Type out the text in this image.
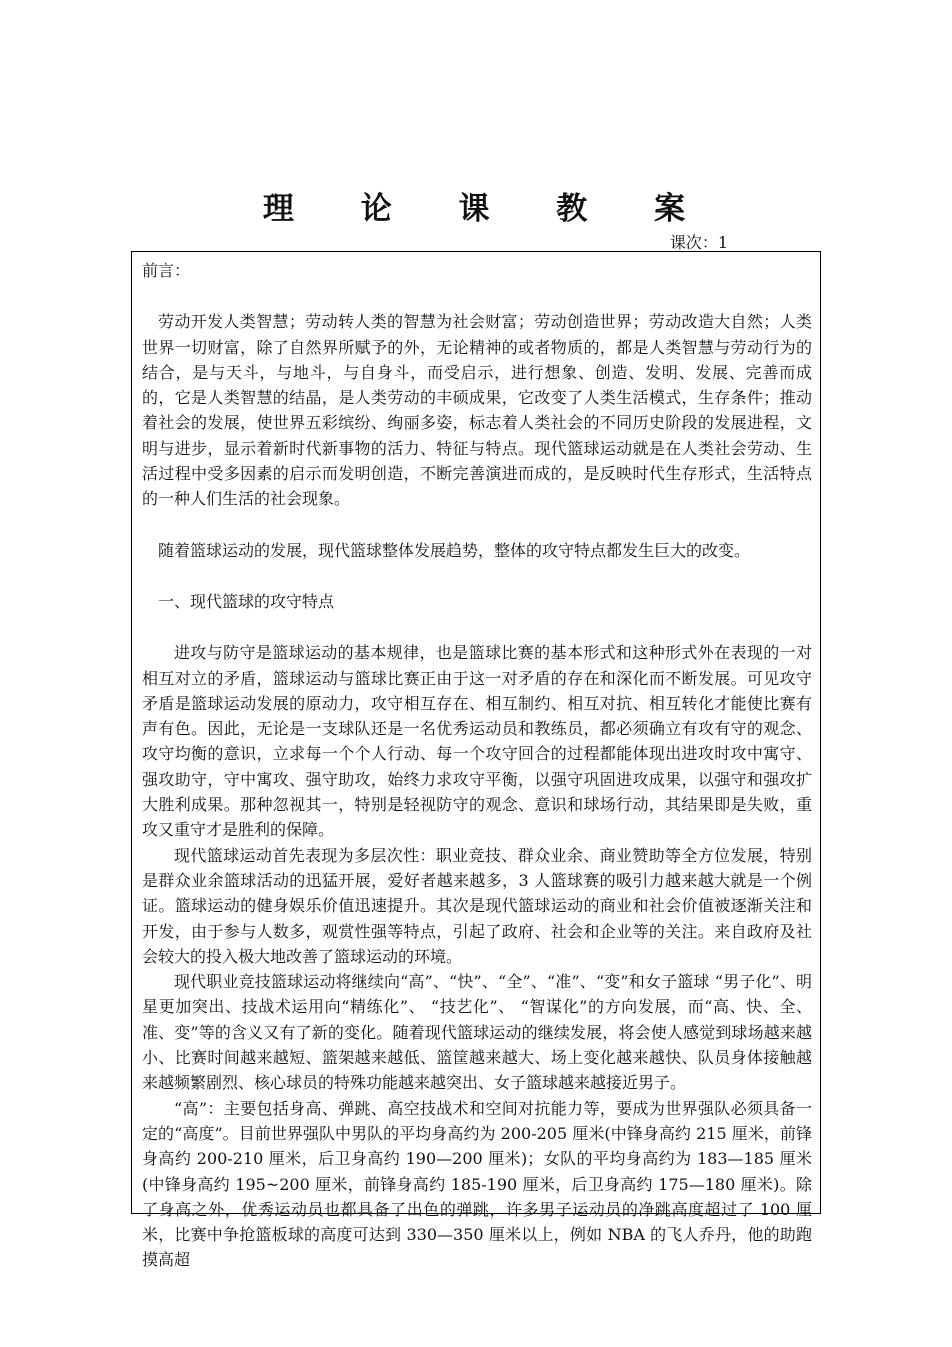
理 论 课 教 案
课次：1

前言：

劳动开发人类智慧；劳动转人类的智慧为社会财富；劳动创造世界；劳动改造大自然；人类世界一切财富，除了自然界所赋予的外，无论精神的或者物质的，都是人类智慧与劳动行为的结合，是与天斗，与地斗，与自身斗，而受启示，进行想象、创造、发明、发展、完善而成的，它是人类智慧的结晶，是人类劳动的丰硕成果，它改变了人类生活模式，生存条件；推动着社会的发展，使世界五彩缤纷、绚丽多姿，标志着人类社会的不同历史阶段的发展进程，文明与进步，显示着新时代新事物的活力、特征与特点。现代篮球运动就是在人类社会劳动、生活过程中受多因素的启示而发明创造，不断完善演进而成的，是反映时代生存形式，生活特点的一种人们生活的社会现象。

随着篮球运动的发展，现代篮球整体发展趋势，整体的攻守特点都发生巨大的改变。

一、现代篮球的攻守特点

进攻与防守是篮球运动的基本规律，也是篮球比赛的基本形式和这种形式外在表现的一对相互对立的矛盾，篮球运动与篮球比赛正由于这一对矛盾的存在和深化而不断发展。可见攻守矛盾是篮球运动发展的原动力，攻守相互存在、相互制约、相互对抗、相互转化才能使比赛有声有色。因此，无论是一支球队还是一名优秀运动员和教练员，都必须确立有攻有守的观念、攻守均衡的意识，立求每一个个人行动、每一个攻守回合的过程都能体现出进攻时攻中寓守、强攻助守，守中寓攻、强守助攻，始终力求攻守平衡，以强守巩固进攻成果，以强守和强攻扩大胜利成果。那种忽视其一，特别是轻视防守的观念、意识和球场行动，其结果即是失败，重攻又重守才是胜利的保障。

现代篮球运动首先表现为多层次性：职业竞技、群众业余、商业赞助等全方位发展，特别是群众业余篮球活动的迅猛开展，爱好者越来越多，3 人篮球赛的吸引力越来越大就是一个例证。篮球运动的健身娱乐价值迅速提升。其次是现代篮球运动的商业和社会价值被逐渐关注和开发，由于参与人数多，观赏性强等特点，引起了政府、社会和企业等的关注。来自政府及社会较大的投入极大地改善了篮球运动的环境。

现代职业竞技篮球运动将继续向“高”、“快”、“全”、“准”、“变”和女子篮球 “男子化”、明星更加突出、技战术运用向“精练化”、 “技艺化”、 “智谋化”的方向发展，而“高、快、全、准、变”等的含义又有了新的变化。随着现代篮球运动的继续发展，将会使人感觉到球场越来越小、比赛时间越来越短、篮架越来越低、篮筐越来越大、场上变化越来越快、队员身体接触越来越频繁剧烈、核心球员的特殊功能越来越突出、女子篮球越来越接近男子。

“高”：主要包括身高、弹跳、高空技战术和空间对抗能力等，要成为世界强队必须具备一定的“高度”。目前世界强队中男队的平均身高约为 200-205 厘米(中锋身高约 215 厘米，前锋身高约 200-210 厘米，后卫身高约 190—200 厘米)；女队的平均身高约为 183—185 厘米(中锋身高约 195~200 厘米，前锋身高约 185-190 厘米，后卫身高约 175—180 厘米)。除了身高之外，优秀运动员也都具备了出色的弹跳，许多男子运动员的净跳高度超过了 100 厘米，比赛中争抢篮板球的高度可达到 330—350 厘米以上，例如 NBA 的飞人乔丹，他的助跑摸高超
